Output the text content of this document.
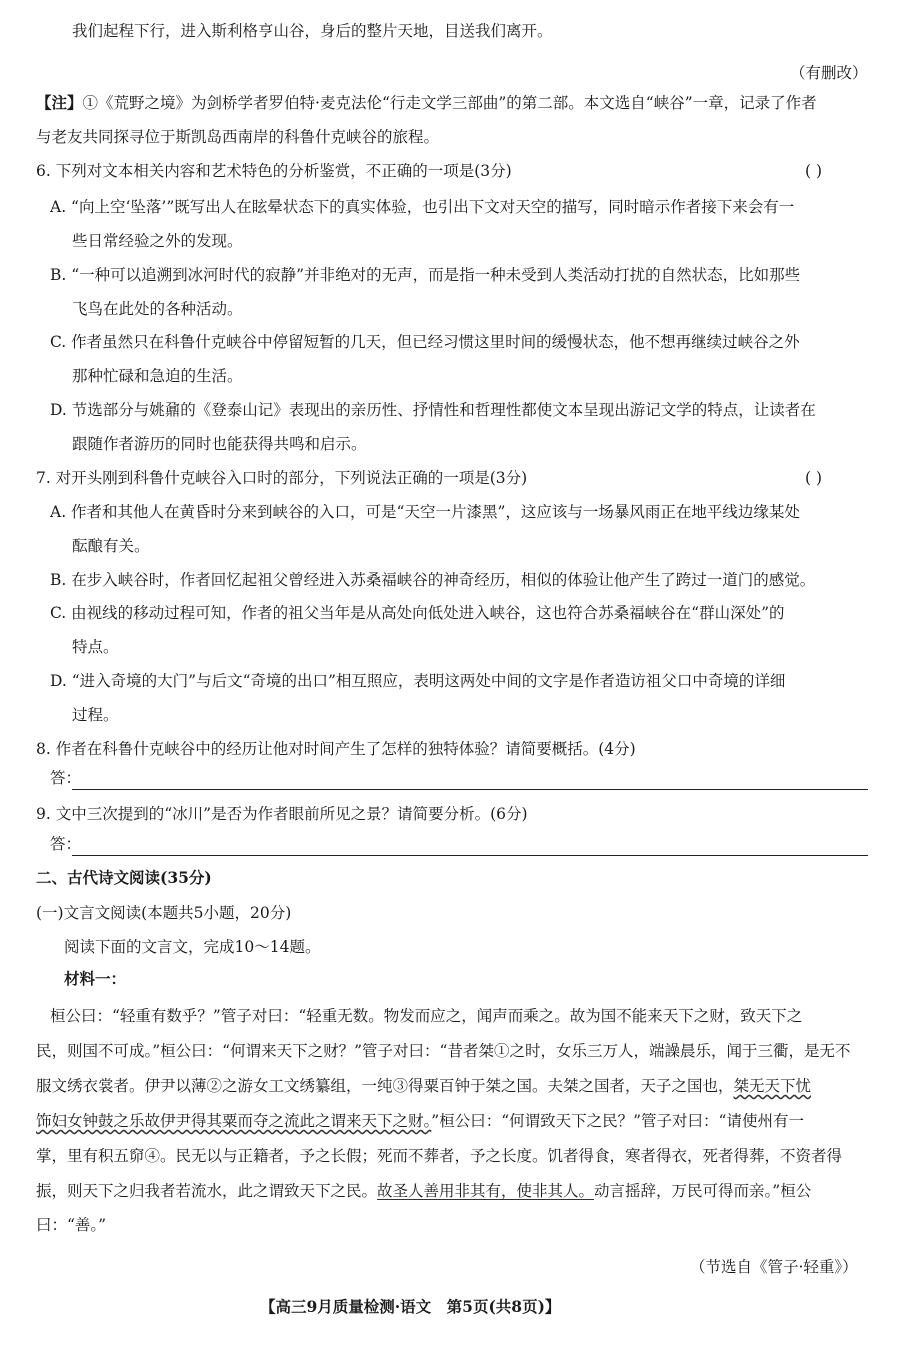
我们起程下行，进入斯利格亨山谷，身后的整片天地，目送我们离开。
（有删改）
【注】①《荒野之境》为剑桥学者罗伯特·麦克法伦“行走文学三部曲”的第二部。本文选自“峡谷”一章，记录了作者
与老友共同探寻位于斯凯岛西南岸的科鲁什克峡谷的旅程。
6. 下列对文本相关内容和艺术特色的分析鉴赏，不正确的一项是(3分)	( )
A. “向上空‘坠落’”既写出人在眩晕状态下的真实体验，也引出下文对天空的描写，同时暗示作者接下来会有一
些日常经验之外的发现。
B. “一种可以追溯到冰河时代的寂静”并非绝对的无声，而是指一种未受到人类活动打扰的自然状态，比如那些
飞鸟在此处的各种活动。
C. 作者虽然只在科鲁什克峡谷中停留短暂的几天，但已经习惯这里时间的缓慢状态，他不想再继续过峡谷之外
那种忙碌和急迫的生活。
D. 节选部分与姚鼐的《登泰山记》表现出的亲历性、抒情性和哲理性都使文本呈现出游记文学的特点，让读者在
跟随作者游历的同时也能获得共鸣和启示。
7. 对开头刚到科鲁什克峡谷入口时的部分，下列说法正确的一项是(3分)	( )
A. 作者和其他人在黄昏时分来到峡谷的入口，可是“天空一片漆黑”，这应该与一场暴风雨正在地平线边缘某处
酝酿有关。
B. 在步入峡谷时，作者回忆起祖父曾经进入苏桑福峡谷的神奇经历，相似的体验让他产生了跨过一道门的感觉。
C. 由视线的移动过程可知，作者的祖父当年是从高处向低处进入峡谷，这也符合苏桑福峡谷在“群山深处”的
特点。
D. “进入奇境的大门”与后文“奇境的出口”相互照应，表明这两处中间的文字是作者造访祖父口中奇境的详细
过程。
8. 作者在科鲁什克峡谷中的经历让他对时间产生了怎样的独特体验？请简要概括。(4分)
答：
9. 文中三次提到的“冰川”是否为作者眼前所见之景？请简要分析。(6分)
答：
二、古代诗文阅读(35分)
(一)文言文阅读(本题共5小题，20分)
阅读下面的文言文，完成10～14题。
材料一：
桓公曰：“轻重有数乎？”管子对曰：“轻重无数。物发而应之，闻声而乘之。故为国不能来天下之财，致天下之
民，则国不可成。”桓公曰：“何谓来天下之财？”管子对曰：“昔者桀①之时，女乐三万人，端譟晨乐，闻于三衢，是无不
服文绣衣裳者。伊尹以薄②之游女工文绣纂组，一纯③得粟百钟于桀之国。夫桀之国者，天子之国也，桀无天下忧
饰妇女钟鼓之乐故伊尹得其粟而夺之流此之谓来天下之财。”桓公曰：“何谓致天下之民？”管子对曰：“请使州有一
掌，里有积五窌④。民无以与正籍者，予之长假；死而不葬者，予之长度。饥者得食，寒者得衣，死者得葬，不资者得
振，则天下之归我者若流水，此之谓致天下之民。故圣人善用非其有，使非其人。动言摇辞，万民可得而亲。”桓公
曰：“善。”
（节选自《管子·轻重》）
【高三9月质量检测·语文　第5页(共8页)】
